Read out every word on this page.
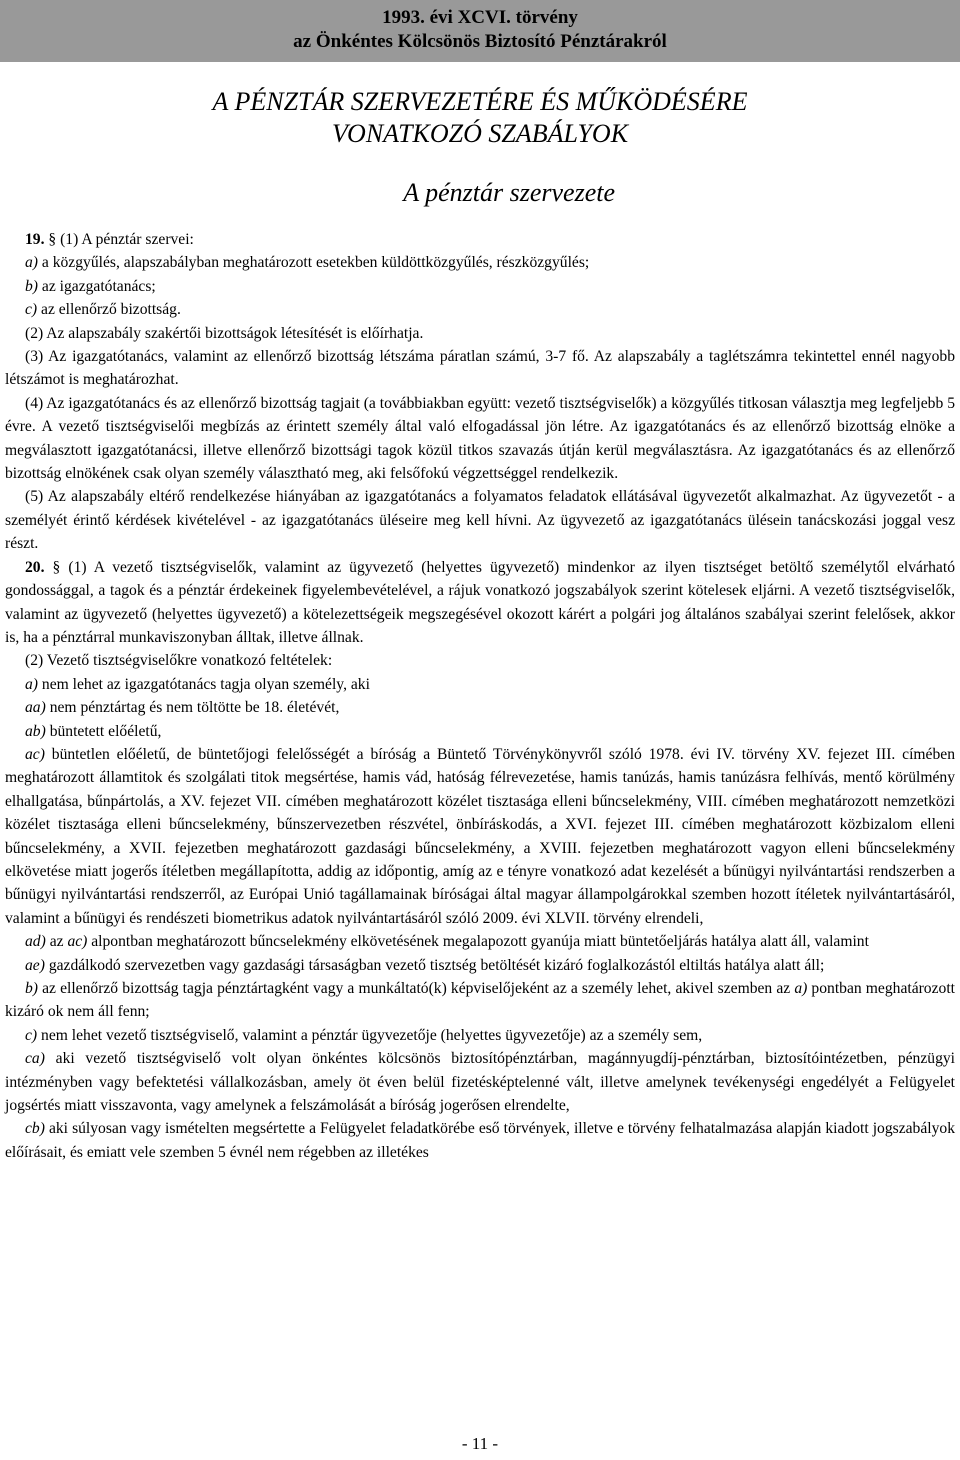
1993. évi XCVI. törvény
az Önkéntes Kölcsönös Biztosító Pénztárakról
A PÉNZTÁR SZERVEZETÉRE ÉS MŰKÖDÉSÉRE
VONATKOZÓ SZABÁLYOK
A pénztár szervezete

19. § (1) A pénztár szervei:

a) a közgyűlés, alapszabályban meghatározott esetekben küldöttközgyűlés, részközgyűlés;

b) az igazgatótanács;

c) az ellenőrző bizottság.

(2) Az alapszabály szakértői bizottságok létesítését is előírhatja.

(3) Az igazgatótanács, valamint az ellenőrző bizottság létszáma páratlan számú, 3-7 fő. Az alapszabály a taglétszámra tekintettel ennél nagyobb létszámot is meghatározhat.

(4) Az igazgatótanács és az ellenőrző bizottság tagjait (a továbbiakban együtt: vezető tisztségviselők) a közgyűlés titkosan választja meg legfeljebb 5 évre. A vezető tisztségviselői megbízás az érintett személy által való elfogadással jön létre. Az igazgatótanács és az ellenőrző bizottság elnöke a megválasztott igazgatótanácsi, illetve ellenőrző bizottsági tagok közül titkos szavazás útján kerül megválasztásra. Az igazgatótanács és az ellenőrző bizottság elnökének csak olyan személy választható meg, aki felsőfokú végzettséggel rendelkezik.

(5) Az alapszabály eltérő rendelkezése hiányában az igazgatótanács a folyamatos feladatok ellátásával ügyvezetőt alkalmazhat. Az ügyvezetőt - a személyét érintő kérdések kivételével - az igazgatótanács üléseire meg kell hívni. Az ügyvezető az igazgatótanács ülésein tanácskozási joggal vesz részt.

20. § (1) A vezető tisztségviselők, valamint az ügyvezető (helyettes ügyvezető) mindenkor az ilyen tisztséget betöltő személytől elvárható gondossággal, a tagok és a pénztár érdekeinek figyelembevételével, a rájuk vonatkozó jogszabályok szerint kötelesek eljárni. A vezető tisztségviselők, valamint az ügyvezető (helyettes ügyvezető) a kötelezettségeik megszegésével okozott kárért a polgári jog általános szabályai szerint felelősek, akkor is, ha a pénztárral munkaviszonyban álltak, illetve állnak.

(2) Vezető tisztségviselőkre vonatkozó feltételek:

a) nem lehet az igazgatótanács tagja olyan személy, aki

aa) nem pénztártag és nem töltötte be 18. életévét,

ab) büntetett előéletű,

ac) büntetlen előéletű, de büntetőjogi felelősségét a bíróság a Büntető Törvénykönyvről szóló 1978. évi IV. törvény XV. fejezet III. címében meghatározott államtitok és szolgálati titok megsértése, hamis vád, hatóság félrevezetése, hamis tanúzás, hamis tanúzásra felhívás, mentő körülmény elhallgatása, bűnpártolás, a XV. fejezet VII. címében meghatározott közélet tisztasága elleni bűncselekmény, VIII. címében meghatározott nemzetközi közélet tisztasága elleni bűncselekmény, bűnszervezetben részvétel, önbíráskodás, a XVI. fejezet III. címében meghatározott közbizalom elleni bűncselekmény, a XVII. fejezetben meghatározott gazdasági bűncselekmény, a XVIII. fejezetben meghatározott vagyon elleni bűncselekmény elkövetése miatt jogerős ítéletben megállapította, addig az időpontig, amíg az e tényre vonatkozó adat kezelését a bűnügyi nyilvántartási rendszerben a bűnügyi nyilvántartási rendszerről, az Európai Unió tagállamainak bíróságai által magyar állampolgárokkal szemben hozott ítéletek nyilvántartásáról, valamint a bűnügyi és rendészeti biometrikus adatok nyilvántartásáról szóló 2009. évi XLVII. törvény elrendeli,

ad) az ac) alpontban meghatározott bűncselekmény elkövetésének megalapozott gyanúja miatt büntetőeljárás hatálya alatt áll, valamint

ae) gazdálkodó szervezetben vagy gazdasági társaságban vezető tisztség betöltését kizáró foglalkozástól eltiltás hatálya alatt áll;

b) az ellenőrző bizottság tagja pénztártagként vagy a munkáltató(k) képviselőjeként az a személy lehet, akivel szemben az a) pontban meghatározott kizáró ok nem áll fenn;

c) nem lehet vezető tisztségviselő, valamint a pénztár ügyvezetője (helyettes ügyvezetője) az a személy sem,

ca) aki vezető tisztségviselő volt olyan önkéntes kölcsönös biztosítópénztárban, magánnyugdíj-pénztárban, biztosítóintézetben, pénzügyi intézményben vagy befektetési vállalkozásban, amely öt éven belül fizetésképtelenné vált, illetve amelynek tevékenységi engedélyét a Felügyelet jogsértés miatt visszavonta, vagy amelynek a felszámolását a bíróság jogerősen elrendelte,

cb) aki súlyosan vagy ismételten megsértette a Felügyelet feladatkörébe eső törvények, illetve e törvény felhatalmazása alapján kiadott jogszabályok előírásait, és emiatt vele szemben 5 évnél nem régebben az illetékes

- 11 -
